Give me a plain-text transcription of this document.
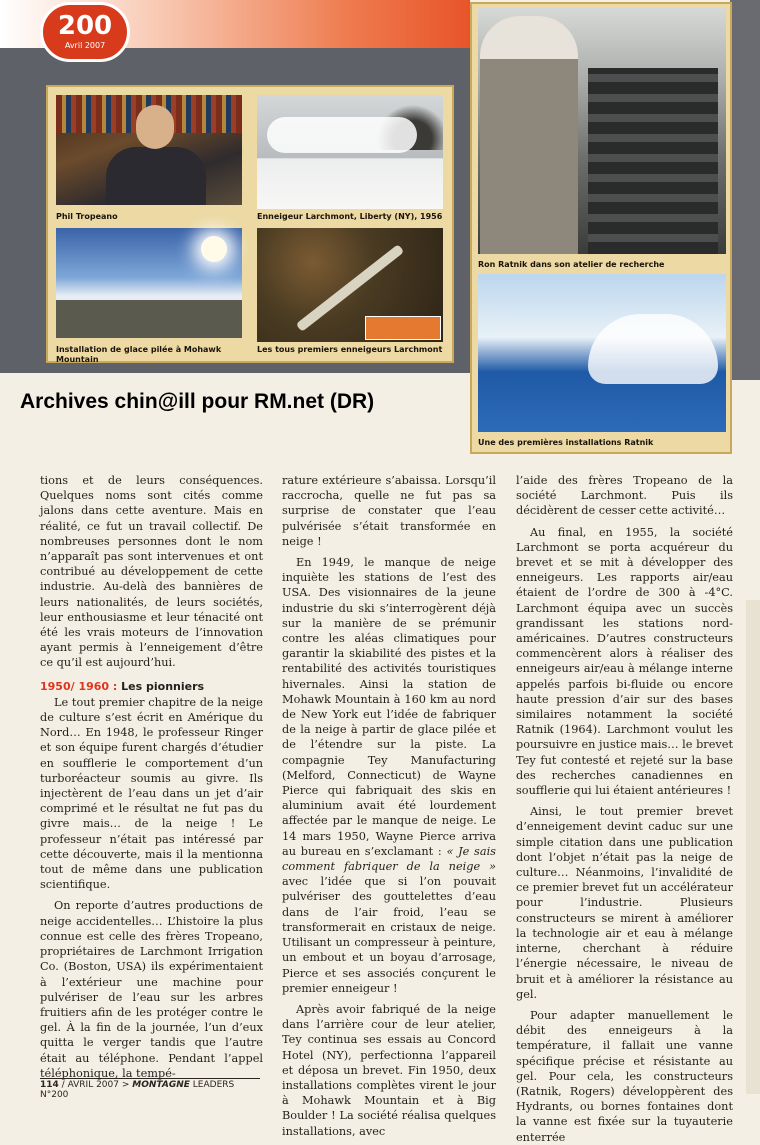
200
Avril 2007
Phil Tropeano	Enneigeur Larchmont, Liberty (NY), 1956
Installation de glace pilée à Mohawk Mountain
Les tous premiers enneigeurs Larchmont
Ron Ratnik dans son atelier de recherche
Une des premières installations Ratnik
Archives chin@ill pour RM.net (DR)

tions et de leurs conséquences. Quelques noms sont cités comme jalons dans cette aventure. Mais en réalité, ce fut un travail collectif. De nombreuses personnes dont le nom n’apparaît pas sont intervenues et ont contribué au développement de cette industrie. Au-delà des bannières de leurs nationalités, de leurs sociétés, leur enthousiasme et leur ténacité ont été les vrais moteurs de l’innovation ayant permis à l’enneigement d’être ce qu’il est aujourd’hui.

1950/ 1960 : Les pionniers

Le tout premier chapitre de la neige de culture s’est écrit en Amérique du Nord… En 1948, le professeur Ringer et son équipe furent chargés d’étudier en soufflerie le comportement d’un turboréacteur soumis au givre. Ils injectèrent de l’eau dans un jet d’air comprimé et le résultat ne fut pas du givre mais… de la neige ! Le professeur n’était pas intéressé par cette découverte, mais il la mentionna tout de même dans une publication scientifique.

On reporte d’autres productions de neige accidentelles… L’histoire la plus connue est celle des frères Tropeano, propriétaires de Larchmont Irrigation Co. (Boston, USA) ils expérimentaient à l’extérieur une machine pour pulvériser de l’eau sur les arbres fruitiers afin de les protéger contre le gel. À la fin de la journée, l’un d’eux quitta le verger tandis que l’autre était au téléphone. Pendant l’appel téléphonique, la tempé-

rature extérieure s’abaissa. Lorsqu’il raccrocha, quelle ne fut pas sa surprise de constater que l’eau pulvérisée s’était transformée en neige !

En 1949, le manque de neige inquiète les stations de l’est des USA. Des visionnaires de la jeune industrie du ski s’interrogèrent déjà sur la manière de se prémunir contre les aléas climatiques pour garantir la skiabilité des pistes et la rentabilité des activités touristiques hivernales. Ainsi la station de Mohawk Mountain à 160 km au nord de New York eut l’idée de fabriquer de la neige à partir de glace pilée et de l’étendre sur la piste. La compagnie Tey Manufacturing (Melford, Connecticut) de Wayne Pierce qui fabriquait des skis en aluminium avait été lourdement affectée par le manque de neige. Le 14 mars 1950, Wayne Pierce arriva au bureau en s’exclamant : « Je sais comment fabriquer de la neige » avec l’idée que si l’on pouvait pulvériser des gouttelettes d’eau dans de l’air froid, l’eau se transformerait en cristaux de neige. Utilisant un compresseur à peinture, un embout et un boyau d’arrosage, Pierce et ses associés conçurent le premier enneigeur !

Après avoir fabriqué de la neige dans l’arrière cour de leur atelier, Tey continua ses essais au Concord Hotel (NY), perfectionna l’appareil et déposa un brevet. Fin 1950, deux installations complètes virent le jour à Mohawk Mountain et à Big Boulder ! La société réalisa quelques installations, avec

l’aide des frères Tropeano de la société Larchmont. Puis ils décidèrent de cesser cette activité…

Au final, en 1955, la société Larchmont se porta acquéreur du brevet et se mit à développer des enneigeurs. Les rapports air/eau étaient de l’ordre de 300 à -4°C. Larchmont équipa avec un succès grandissant les stations nord-américaines. D’autres constructeurs commencèrent alors à réaliser des enneigeurs air/eau à mélange interne appelés parfois bi-fluide ou encore haute pression d’air sur des bases similaires notamment la société Ratnik (1964). Larchmont voulut les poursuivre en justice mais… le brevet Tey fut contesté et rejeté sur la base des recherches canadiennes en soufflerie qui lui étaient antérieures !

Ainsi, le tout premier brevet d’enneigement devint caduc sur une simple citation dans une publication dont l’objet n’était pas la neige de culture… Néanmoins, l’invalidité de ce premier brevet fut un accélérateur pour l’industrie. Plusieurs constructeurs se mirent à améliorer la technologie air et eau à mélange interne, cherchant à réduire l’énergie nécessaire, le niveau de bruit et à améliorer la résistance au gel.

Pour adapter manuellement le débit des enneigeurs à la température, il fallait une vanne spécifique précise et résistante au gel. Pour cela, les constructeurs (Ratnik, Rogers) développèrent des Hydrants, ou bornes fontaines dont la vanne est fixée sur la tuyauterie enterrée

114 / AVRIL 2007 > MONTAGNE LEADERS N°200
